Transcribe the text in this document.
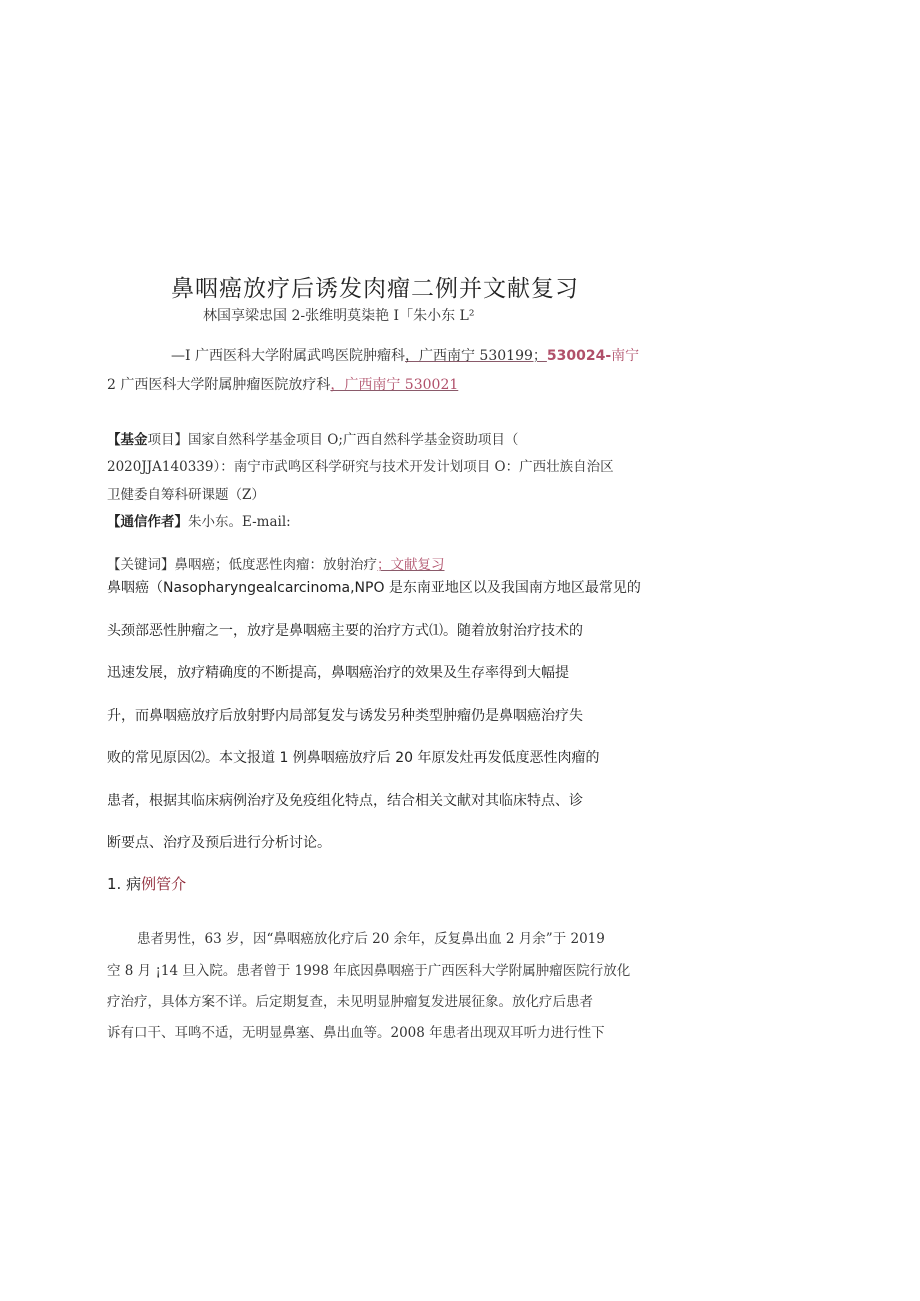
鼻咽癌放疗后诱发肉瘤二例并文献复习
林国享梁忠国 2-张维明莫柒艳 I「朱小东 L²
—I 广西医科大学附属武鸣医院肿瘤科，广西南宁 530199；530024-南宁
2 广西医科大学附属肿瘤医院放疗科，广西南宁 530021
【基金项目】国家自然科学基金项目 O;广西自然科学基金资助项目（
2020JJA140339）：南宁市武鸣区科学研究与技术开发计划项目 O：广西壮族自治区
卫健委自筹科研课题（Z）
【通信作者】朱小东。E-mail:
【关键词】鼻咽癌；低度恶性肉瘤：放射治疗；文献复习
鼻咽癌（Nasopharyngealcarcinoma,NPO 是东南亚地区以及我国南方地区最常见的
头颈部恶性肿瘤之一，放疗是鼻咽癌主要的治疗方式⑴。随着放射治疗技术的
迅速发展，放疗精确度的不断提高，鼻咽癌治疗的效果及生存率得到大幅提
升，而鼻咽癌放疗后放射野内局部复发与诱发另种类型肿瘤仍是鼻咽癌治疗失
败的常见原因⑵。本文报道 1 例鼻咽癌放疗后 20 年原发灶再发低度恶性肉瘤的
患者，根据其临床病例治疗及免疫组化特点，结合相关文献对其临床特点、诊
断要点、治疗及预后进行分析讨论。
1. 病例管介
患者男性，63 岁，因“鼻咽癌放化疗后 20 余年，反复鼻出血 2 月余”于 2019
空 8 月 ¡14 旦入院。患者曾于 1998 年底因鼻咽癌于广西医科大学附属肿瘤医院行放化
疗治疗，具体方案不详。后定期复查，未见明显肿瘤复发进展征象。放化疗后患者
诉有口干、耳鸣不适，无明显鼻塞、鼻出血等。2008 年患者出现双耳听力进行性下
